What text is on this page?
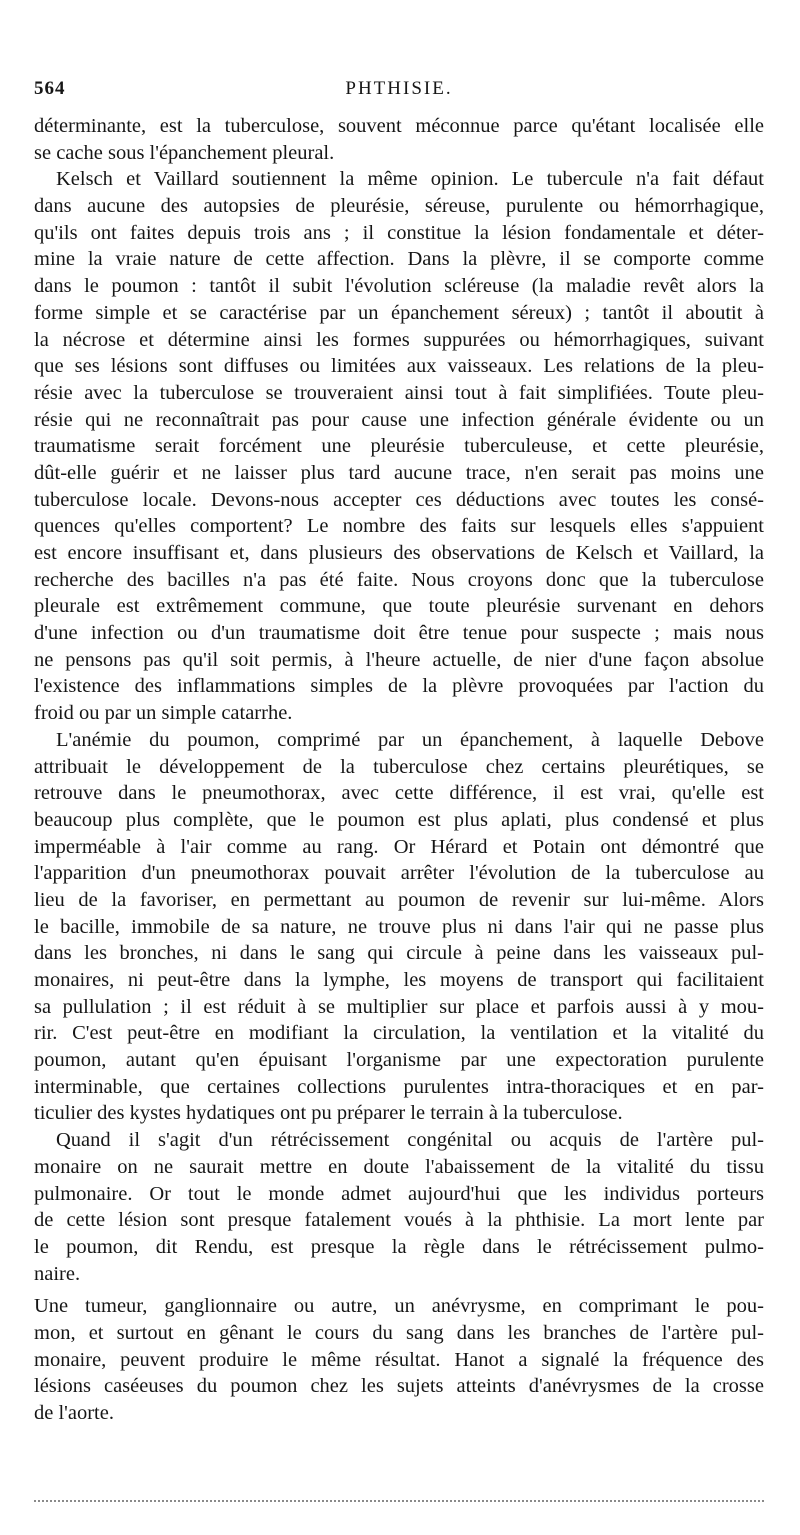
564	PHTHISIE.
déterminante, est la tuberculose, souvent méconnue parce qu'étant localisée elle
se cache sous l'épanchement pleural.
Kelsch et Vaillard soutiennent la même opinion. Le tubercule n'a fait défaut
dans aucune des autopsies de pleurésie, séreuse, purulente ou hémorrhagique,
qu'ils ont faites depuis trois ans ; il constitue la lésion fondamentale et déter-
mine la vraie nature de cette affection. Dans la plèvre, il se comporte comme
dans le poumon : tantôt il subit l'évolution scléreuse (la maladie revêt alors la
forme simple et se caractérise par un épanchement séreux) ; tantôt il aboutit à
la nécrose et détermine ainsi les formes suppurées ou hémorrhagiques, suivant
que ses lésions sont diffuses ou limitées aux vaisseaux. Les relations de la pleu-
résie avec la tuberculose se trouveraient ainsi tout à fait simplifiées. Toute pleu-
résie qui ne reconnaîtrait pas pour cause une infection générale évidente ou un
traumatisme serait forcément une pleurésie tuberculeuse, et cette pleurésie,
dût-elle guérir et ne laisser plus tard aucune trace, n'en serait pas moins une
tuberculose locale. Devons-nous accepter ces déductions avec toutes les consé-
quences qu'elles comportent? Le nombre des faits sur lesquels elles s'appuient
est encore insuffisant et, dans plusieurs des observations de Kelsch et Vaillard, la
recherche des bacilles n'a pas été faite. Nous croyons donc que la tuberculose
pleurale est extrêmement commune, que toute pleurésie survenant en dehors
d'une infection ou d'un traumatisme doit être tenue pour suspecte ; mais nous
ne pensons pas qu'il soit permis, à l'heure actuelle, de nier d'une façon absolue
l'existence des inflammations simples de la plèvre provoquées par l'action du
froid ou par un simple catarrhe.
L'anémie du poumon, comprimé par un épanchement, à laquelle Debove
attribuait le développement de la tuberculose chez certains pleurétiques, se
retrouve dans le pneumothorax, avec cette différence, il est vrai, qu'elle est
beaucoup plus complète, que le poumon est plus aplati, plus condensé et plus
imperméable à l'air comme au rang. Or Hérard et Potain ont démontré que
l'apparition d'un pneumothorax pouvait arrêter l'évolution de la tuberculose au
lieu de la favoriser, en permettant au poumon de revenir sur lui-même. Alors
le bacille, immobile de sa nature, ne trouve plus ni dans l'air qui ne passe plus
dans les bronches, ni dans le sang qui circule à peine dans les vaisseaux pul-
monaires, ni peut-être dans la lymphe, les moyens de transport qui facilitaient
sa pullulation ; il est réduit à se multiplier sur place et parfois aussi à y mou-
rir. C'est peut-être en modifiant la circulation, la ventilation et la vitalité du
poumon, autant qu'en épuisant l'organisme par une expectoration purulente
interminable, que certaines collections purulentes intra-thoraciques et en par-
ticulier des kystes hydatiques ont pu préparer le terrain à la tuberculose.
Quand il s'agit d'un rétrécissement congénital ou acquis de l'artère pul-
monaire on ne saurait mettre en doute l'abaissement de la vitalité du tissu
pulmonaire. Or tout le monde admet aujourd'hui que les individus porteurs
de cette lésion sont presque fatalement voués à la phthisie. La mort lente par
le poumon, dit Rendu, est presque la règle dans le rétrécissement pulmo-
naire.
Une tumeur, ganglionnaire ou autre, un anévrysme, en comprimant le pou-
mon, et surtout en gênant le cours du sang dans les branches de l'artère pul-
monaire, peuvent produire le même résultat. Hanot a signalé la fréquence des
lésions caséeuses du poumon chez les sujets atteints d'anévrysmes de la crosse
de l'aorte.
